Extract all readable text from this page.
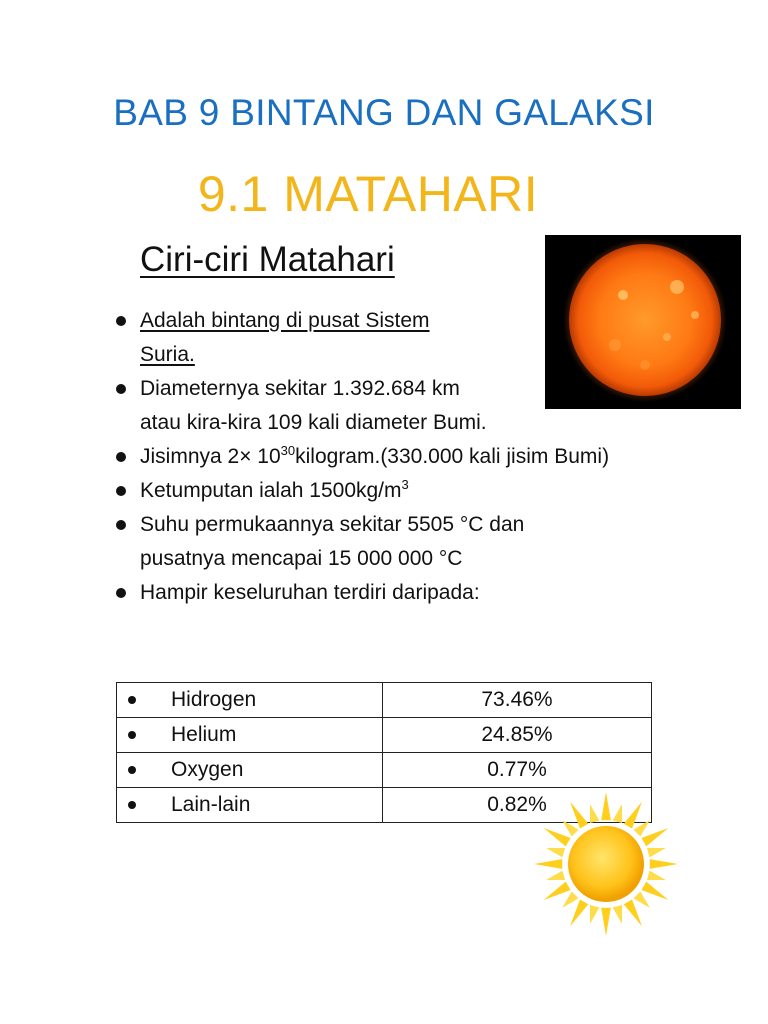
BAB 9 BINTANG DAN GALAKSI
9.1 MATAHARI
Ciri-ciri Matahari
Adalah bintang di pusat Sistem
Suria.
Diameternya sekitar 1.392.684 km
atau kira-kira 109 kali diameter Bumi.
Jisimnya $2\times 10^{30}kilogram.(330.000$ kali jisim Bumi)
Ketumputan ialah $1500kg/m^3$
Suhu permukaannya sekitar 5505 °C dan pusatnya mencapai 15 000 000 °C
Hampir keseluruhan terdiri daripada:
Hidrogen	73.46%

Helium	24.85%

Oxygen	0.77%

Lain-lain	0.82%
